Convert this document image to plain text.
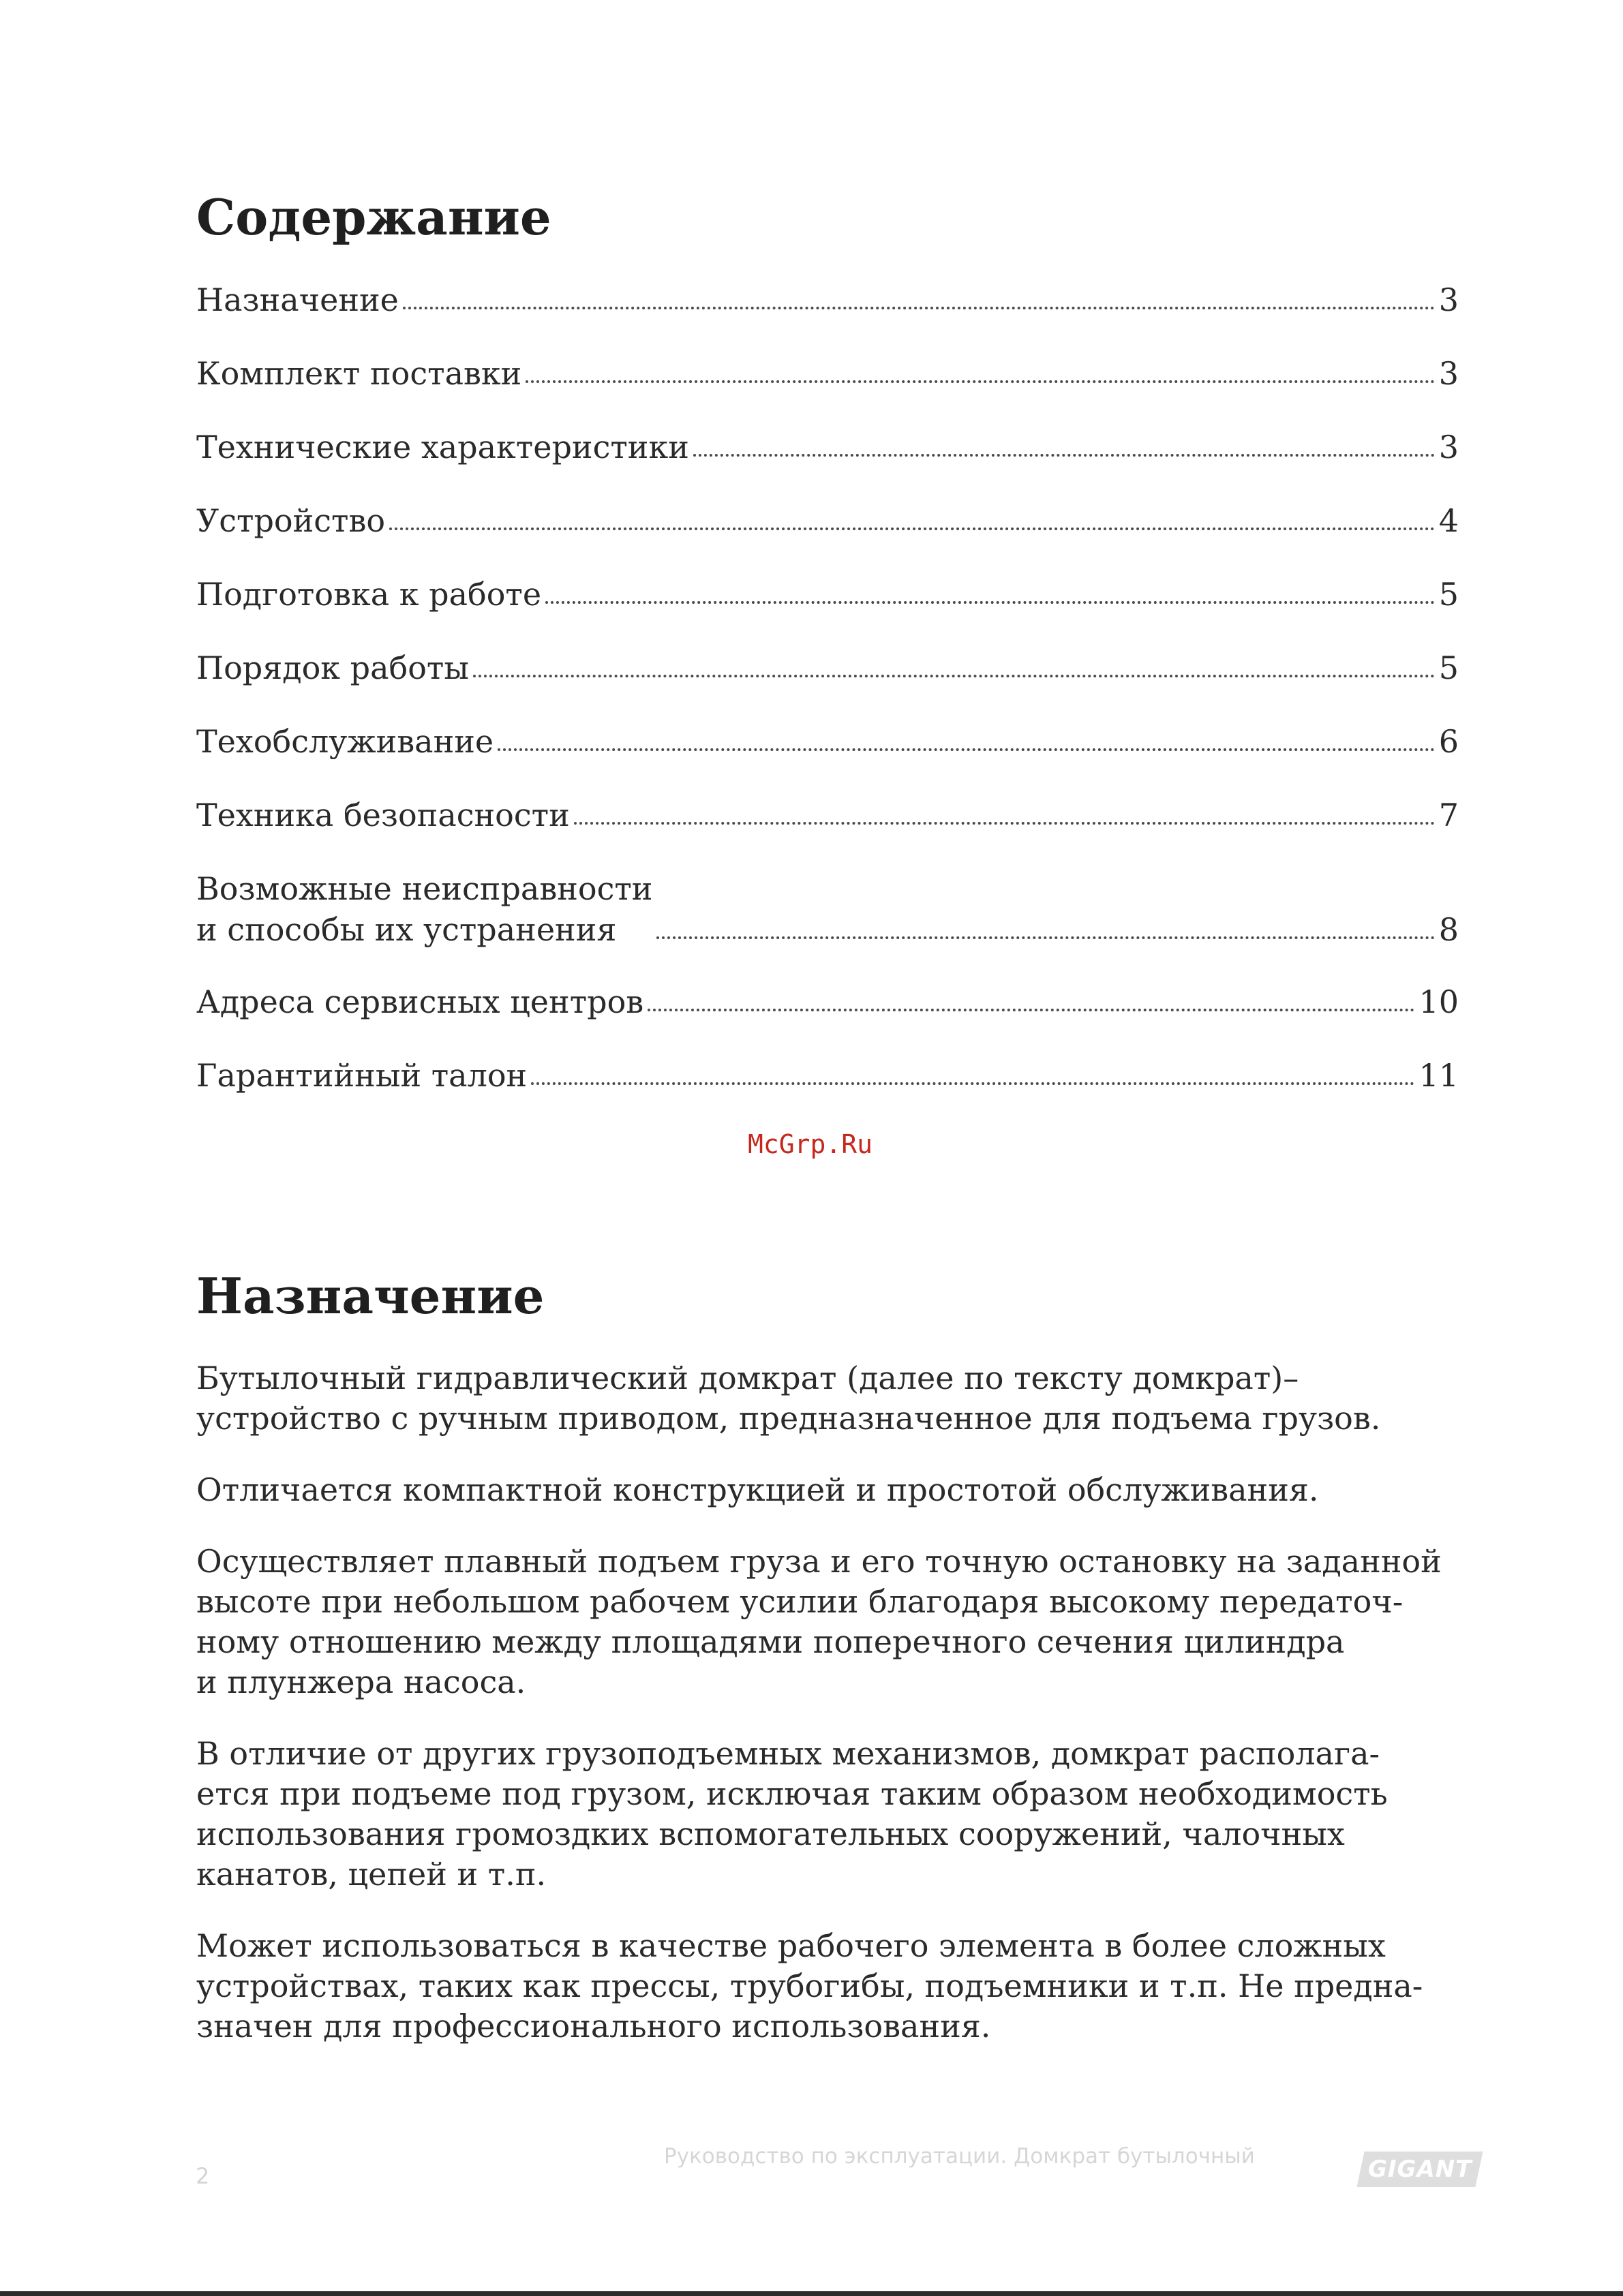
Содержание
Назначение	3
Комплект поставки	3
Технические характеристики	3
Устройство	4
Подготовка к работе	5
Порядок работы	5
Техобслуживание	6
Техника безопасности	7
Возможные неисправности
и способы их устранения	8
Адреса сервисных центров	10
Гарантийный талон	11

McGrp.Ru

Назначение

Бутылочный гидравлический домкрат (далее по тексту домкрат)–
устройство с ручным приводом, предназначенное для подъема грузов.

Отличается компактной конструкцией и простотой обслуживания.

Осуществляет плавный подъем груза и его точную остановку на заданной
высоте при небольшом рабочем усилии благодаря высокому передаточ-
ному отношению между площадями поперечного сечения цилиндра
и плунжера насоса.

В отличие от других грузоподъемных механизмов, домкрат располага-
ется при подъеме под грузом, исключая таким образом необходимость
использования громоздких вспомогательных сооружений, чалочных
канатов, цепей и т.п.

Может использоваться в качестве рабочего элемента в более сложных
устройствах, таких как прессы, трубогибы, подъемники и т.п. Не предна-
значен для профессионального использования.

2
Руководство по эксплуатации. Домкрат бутылочный	GIGANT
